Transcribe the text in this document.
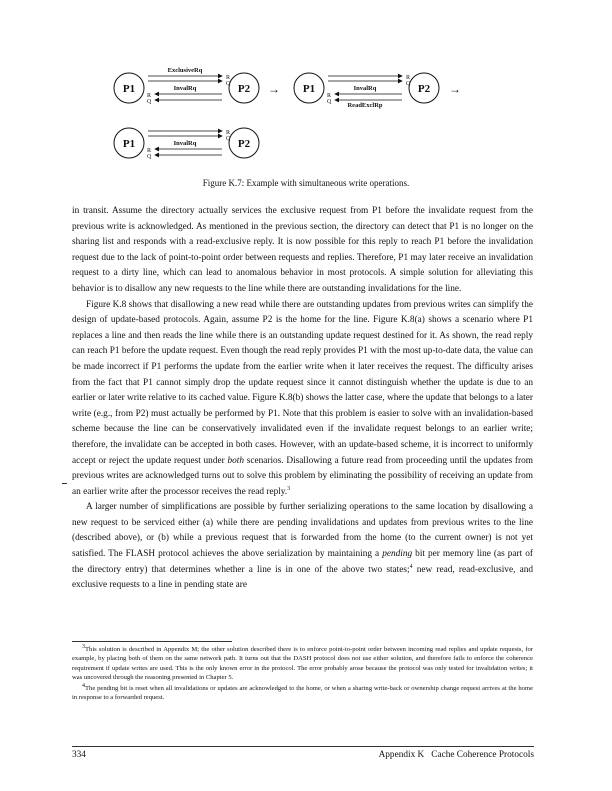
P1	P2
ExclusiveRq
R
Q
InvalRq
R
Q
→ P1	P2
R
Q
InvalRq
R
Q ReadExclRp
→
P1	P2
R
Q
InvalRq
R
Q
Figure K.7: Example with simultaneous write operations.

in transit. Assume the directory actually services the exclusive request from P1 before the invalidate request from the previous write is acknowledged. As mentioned in the previous section, the directory can detect that P1 is no longer on the sharing list and responds with a read-exclusive reply. It is now possible for this reply to reach P1 before the invalidation request due to the lack of point-to-point order between requests and replies. Therefore, P1 may later receive an invalidation request to a dirty line, which can lead to anomalous behavior in most protocols. A simple solution for alleviating this behavior is to disallow any new requests to the line while there are outstanding invalidations for the line.

Figure K.8 shows that disallowing a new read while there are outstanding updates from previous writes can simplify the design of update-based protocols. Again, assume P2 is the home for the line. Figure K.8(a) shows a scenario where P1 replaces a line and then reads the line while there is an outstanding update request destined for it. As shown, the read reply can reach P1 before the update request. Even though the read reply provides P1 with the most up-to-date data, the value can be made incorrect if P1 performs the update from the earlier write when it later receives the request. The difficulty arises from the fact that P1 cannot simply drop the update request since it cannot distinguish whether the update is due to an earlier or later write relative to its cached value. Figure K.8(b) shows the latter case, where the update that belongs to a later write (e.g., from P2) must actually be performed by P1. Note that this problem is easier to solve with an invalidation-based scheme because the line can be conservatively invalidated even if the invalidate request belongs to an earlier write; therefore, the invalidate can be accepted in both cases. However, with an update-based scheme, it is incorrect to uniformly accept or reject the update request under both scenarios. Disallowing a future read from proceeding until the updates from previous writes are acknowledged turns out to solve this problem by eliminating the possibility of receiving an update from an earlier write after the processor receives the read reply.$^3$

A larger number of simplifications are possible by further serializing operations to the same location by disallowing a new request to be serviced either (a) while there are pending invalidations and updates from previous writes to the line (described above), or (b) while a previous request that is forwarded from the home (to the current owner) is not yet satisfied. The FLASH protocol achieves the above serialization by maintaining a pending bit per memory line (as part of the directory entry) that determines whether a line is in one of the above two states;$^4$ new read, read-exclusive, and exclusive requests to a line in pending state are

$^3$This solution is described in Appendix M; the other solution described there is to enforce point-to-point order between incoming read replies and update requests, for example, by placing both of them on the same network path. It turns out that the DASH protocol does not use either solution, and therefore fails to enforce the coherence requirement if update writes are used. This is the only known error in the protocol. The error probably arose because the protocol was only tested for invalidation writes; it was uncovered through the reasoning presented in Chapter 5.

$^4$The pending bit is reset when all invalidations or updates are acknowledged to the home, or when a sharing write-back or ownership change request arrives at the home in response to a forwarded request.

334	Appendix K   Cache Coherence Protocols
